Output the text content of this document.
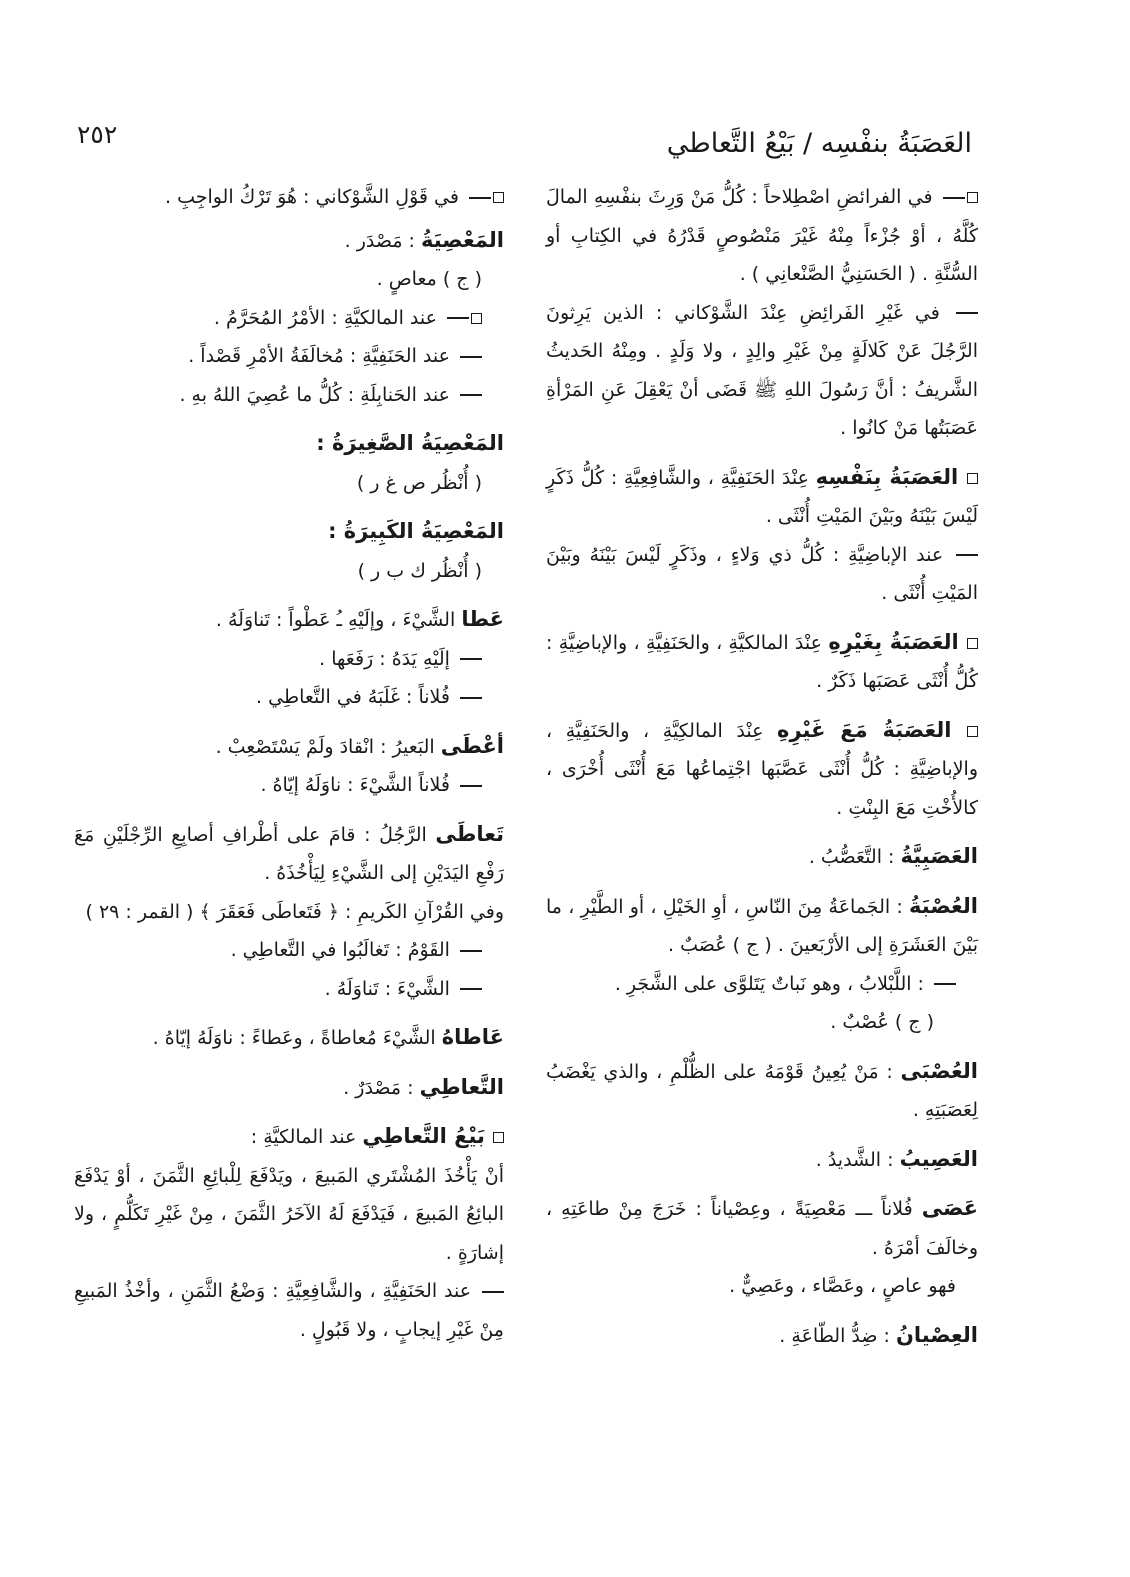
العَصَبَةُ بنفْسِه / بَيْعُ التَّعاطي
٢٥٢
في الفرائضِ اصْطِلاحاً : كُلُّ مَنْ وَرِثَ بنفْسِهِ المالَ كُلَّهُ ، أوْ جُزْءاً مِنْهُ غَيْرَ مَنْصُوصٍ قَدْرُهُ في الكِتابِ أو السُّنَّةِ . ( الحَسَنِيُّ الصَّنْعانِي ) .
في غَيْرِ الفَرائِضِ عِنْدَ الشَّوْكاني : الذين يَرِثونَ الرَّجُلَ عَنْ كَلالَةٍ مِنْ غَيْرِ والِدٍ ، ولا وَلَدٍ . ومِنْهُ الحَديثُ الشَّريفُ : أنَّ رَسُولَ اللهِ ﷺ قَضَى أنْ يَعْقِلَ عَنِ المَرْأةِ عَصَبَتُها مَنْ كانُوا .
العَصَبَةُ بِنَفْسِهِ عِنْدَ الحَنَفِيَّةِ ، والشَّافِعِيَّةِ : كُلُّ ذَكَرٍ لَيْسَ بَيْنَهُ وبَيْنَ المَيْتِ أُنْثَى .
عند الإباضِيَّةِ : كُلُّ ذي وَلاءٍ ، وذَكَرٍ لَيْسَ بَيْنَهُ وبَيْنَ المَيْتِ أُنْثَى .
العَصَبَةُ بِغَيْرِهِ عِنْدَ المالكيَّةِ ، والحَنَفِيَّةِ ، والإباضِيَّةِ : كُلُّ أُنْثَى عَصَبَها ذَكَرٌ .
العَصَبَةُ مَعَ غَيْرِهِ عِنْدَ المالكِيَّةِ ، والحَنَفِيَّةِ ، والإباضِيَّةِ : كُلُّ أُنْثَى عَصَّبَها اجْتِماعُها مَعَ أُنْثَى أُخْرَى ، كالأُخْتِ مَعَ البِنْتِ .
العَصَبِيَّةُ : التَّعَصُّبُ .
العُصْبَةُ : الجَماعَةُ مِنَ النّاسِ ، أوِ الخَيْلِ ، أو الطَّيْرِ ، ما بَيْنَ العَشَرَةِ إلى الأرْبَعينَ . ( ج ) عُصَبٌ .
: اللَّبْلابُ ، وهو نَباتٌ يَتَلوَّى على الشَّجَرِ .
( ج ) عُصْبٌ .
العُصْبَى : مَنْ يُعِينُ قَوْمَهُ على الظُّلْمِ ، والذي يَغْضَبُ لِعَصَبَتِهِ .
العَصِيبُ : الشَّديدُ .
عَصَى فُلاناً ـــ مَعْصِيَةً ، وعِصْياناً : خَرَجَ مِنْ طاعَتِهِ ، وخالَفَ أمْرَهُ .
فهو عاصٍ ، وعَصَّاء ، وعَصِيٌّ .
العِصْيانُ : ضِدُّ الطّاعَةِ .
في قَوْلِ الشَّوْكاني : هُوَ تَرْكُ الواجِبِ .
المَعْصِيَةُ : مَصْدَر .
( ج ) معاصٍ .
عند المالكيَّةِ : الأمْرُ المُحَرَّمُ .
عند الحَنَفِيَّةِ : مُخالَفَةُ الأمْرِ قَصْداً .
عند الحَنابِلَةِ : كُلُّ ما عُصِيَ اللهُ بهِ .
المَعْصِيَةُ الصَّغِيرَةُ :
( أُنْظُر ص غ ر )
المَعْصِيَةُ الكَبِيرَةُ :
( أُنْظُر ك ب ر )
عَطا الشَّيْءَ ، وإلَيْهِ ـُ عَطْواً : تَناوَلَهُ .
إلَيْهِ يَدَهُ : رَفَعَها .
فُلاناً : غَلَبَهُ في التَّعاطِي .
أعْطَى البَعيرُ : انْقادَ ولَمْ يَسْتَصْعِبْ .
فُلاناً الشَّيْءَ : ناوَلَهُ إيّاهُ .
تَعاطَى الرَّجُلُ : قامَ على أطْرافِ أصابِعِ الرِّجْلَيْنِ مَعَ رَفْعِ اليَدَيْنِ إلى الشَّيْءِ لِيَأْخُذَهُ .
وفي القُرْآنِ الكَريمِ : ﴿ فَتَعاطَى فَعَقَرَ ﴾ ( القمر : ٢٩ )
القَوْمُ : تَغالَبُوا في التَّعاطِي .
الشَّيْءَ : تَناوَلَهُ .
عَاطاهُ الشَّيْءَ مُعاطاةً ، وعَطاءً : ناوَلَهُ إيّاهُ .
التَّعاطِي : مَصْدَرٌ .
بَيْعُ التَّعاطِي عند المالكيَّةِ :
أنْ يَأْخُذَ المُشْتَري المَبيعَ ، ويَدْفَعَ لِلْبائِعِ الثَّمَنَ ، أوْ يَدْفَعَ البائِعُ المَبيعَ ، فَيَدْفَعَ لَهُ الآخَرُ الثَّمَنَ ، مِنْ غَيْرِ تَكَلُّمٍ ، ولا إشارَةٍ .
عند الحَنَفِيَّةِ ، والشَّافِعِيَّةِ : وَضْعُ الثَّمَنِ ، وأخْذُ المَبيعِ مِنْ غَيْرِ إيجابٍ ، ولا قَبُولٍ .
